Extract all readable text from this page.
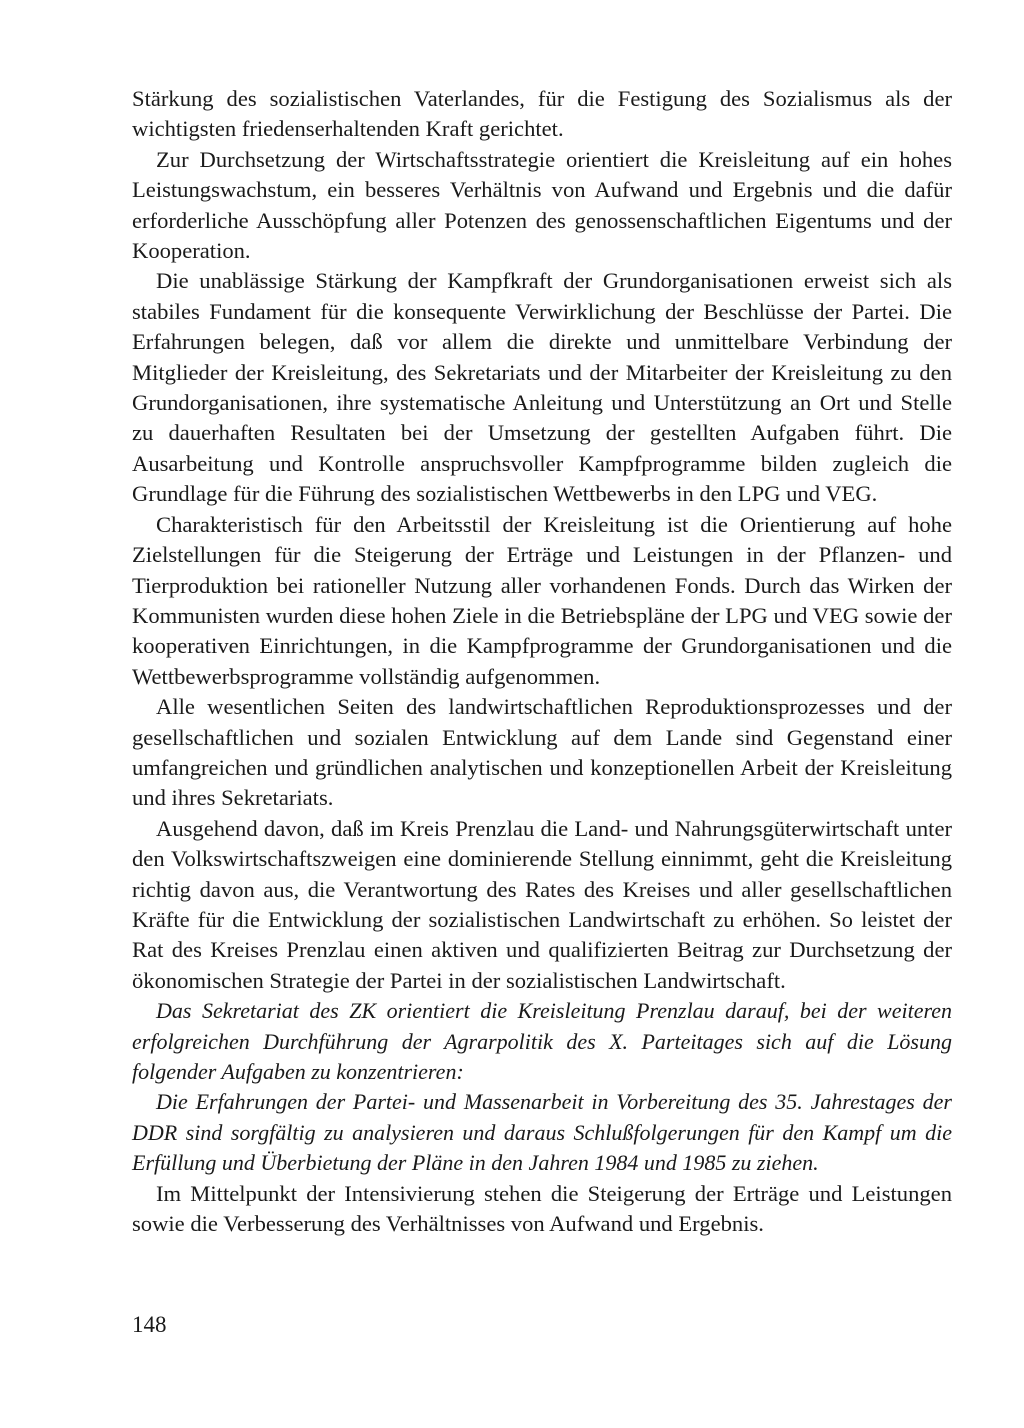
Stärkung des sozialistischen Vaterlandes, für die Festigung des Sozialismus als der wichtigsten friedenserhaltenden Kraft gerichtet.

Zur Durchsetzung der Wirtschaftsstrategie orientiert die Kreisleitung auf ein hohes Leistungswachstum, ein besseres Verhältnis von Aufwand und Ergebnis und die dafür erforderliche Ausschöpfung aller Potenzen des genossenschaftlichen Eigentums und der Kooperation.

Die unablässige Stärkung der Kampfkraft der Grundorganisationen erweist sich als stabiles Fundament für die konsequente Verwirklichung der Beschlüsse der Partei. Die Erfahrungen belegen, daß vor allem die direkte und unmittelbare Verbindung der Mitglieder der Kreisleitung, des Sekretariats und der Mitarbeiter der Kreisleitung zu den Grundorganisationen, ihre systematische Anleitung und Unterstützung an Ort und Stelle zu dauerhaften Resultaten bei der Umsetzung der gestellten Aufgaben führt. Die Ausarbeitung und Kontrolle anspruchsvoller Kampfprogramme bilden zugleich die Grundlage für die Führung des sozialistischen Wettbewerbs in den LPG und VEG.

Charakteristisch für den Arbeitsstil der Kreisleitung ist die Orientierung auf hohe Zielstellungen für die Steigerung der Erträge und Leistungen in der Pflanzen- und Tierproduktion bei rationeller Nutzung aller vorhandenen Fonds. Durch das Wirken der Kommunisten wurden diese hohen Ziele in die Betriebspläne der LPG und VEG sowie der kooperativen Einrichtungen, in die Kampfprogramme der Grundorganisationen und die Wettbewerbsprogramme vollständig aufgenommen.

Alle wesentlichen Seiten des landwirtschaftlichen Reproduktionsprozesses und der gesellschaftlichen und sozialen Entwicklung auf dem Lande sind Gegenstand einer umfangreichen und gründlichen analytischen und konzeptionellen Arbeit der Kreisleitung und ihres Sekretariats.

Ausgehend davon, daß im Kreis Prenzlau die Land- und Nahrungsgüterwirtschaft unter den Volkswirtschaftszweigen eine dominierende Stellung einnimmt, geht die Kreisleitung richtig davon aus, die Verantwortung des Rates des Kreises und aller gesellschaftlichen Kräfte für die Entwicklung der sozialistischen Landwirtschaft zu erhöhen. So leistet der Rat des Kreises Prenzlau einen aktiven und qualifizierten Beitrag zur Durchsetzung der ökonomischen Strategie der Partei in der sozialistischen Landwirtschaft.

Das Sekretariat des ZK orientiert die Kreisleitung Prenzlau darauf, bei der weiteren erfolgreichen Durchführung der Agrarpolitik des X. Parteitages sich auf die Lösung folgender Aufgaben zu konzentrieren:

Die Erfahrungen der Partei- und Massenarbeit in Vorbereitung des 35. Jahrestages der DDR sind sorgfältig zu analysieren und daraus Schlußfolgerungen für den Kampf um die Erfüllung und Überbietung der Pläne in den Jahren 1984 und 1985 zu ziehen.

Im Mittelpunkt der Intensivierung stehen die Steigerung der Erträge und Leistungen sowie die Verbesserung des Verhältnisses von Aufwand und Ergebnis.

148
